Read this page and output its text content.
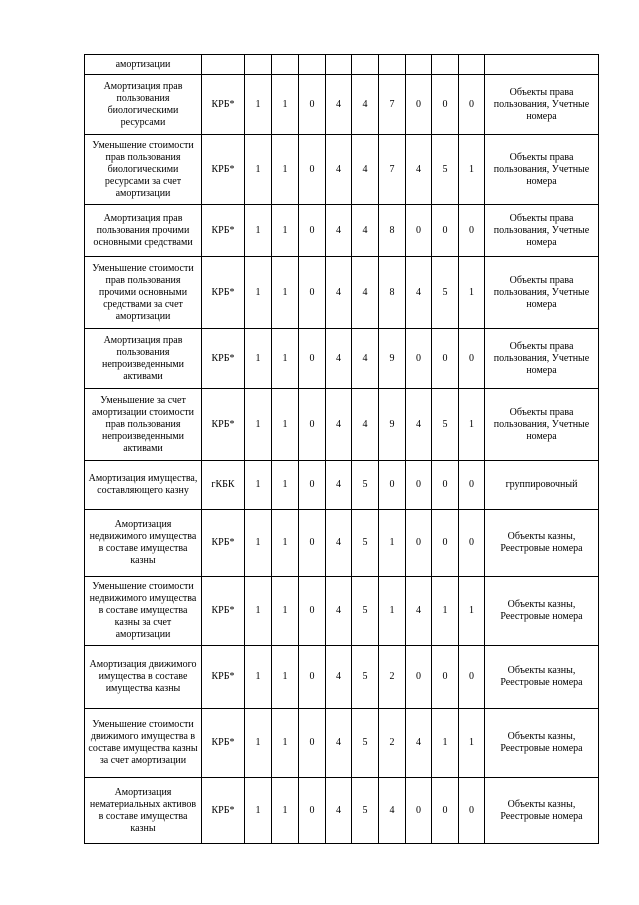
амортизации											
Амортизация прав пользования биологическими ресурсами	КРБ*	1	1	0	4	4	7	0	0	0	Объекты права пользования, Учетные номера
Уменьшение стоимости прав пользования биологическими ресурсами за счет амортизации	КРБ*	1	1	0	4	4	7	4	5	1	Объекты права пользования, Учетные номера
Амортизация прав пользования прочими основными средствами	КРБ*	1	1	0	4	4	8	0	0	0	Объекты права пользования, Учетные номера
Уменьшение стоимости прав пользования прочими основными средствами за счет амортизации	КРБ*	1	1	0	4	4	8	4	5	1	Объекты права пользования, Учетные номера
Амортизация прав пользования непроизведенными активами	КРБ*	1	1	0	4	4	9	0	0	0	Объекты права пользования, Учетные номера
Уменьшение за счет амортизации стоимости прав пользования непроизведенными активами	КРБ*	1	1	0	4	4	9	4	5	1	Объекты права пользования, Учетные номера
Амортизация имущества, составляющего казну	гКБК	1	1	0	4	5	0	0	0	0	группировочный
Амортизация недвижимого имущества в составе имущества казны	КРБ*	1	1	0	4	5	1	0	0	0	Объекты казны, Реестровые номера
Уменьшение стоимости недвижимого имущества в составе имущества казны за счет амортизации	КРБ*	1	1	0	4	5	1	4	1	1	Объекты казны, Реестровые номера
Амортизация движимого имущества в составе имущества казны	КРБ*	1	1	0	4	5	2	0	0	0	Объекты казны, Реестровые номера
Уменьшение стоимости движимого имущества в составе имущества казны за счет амортизации	КРБ*	1	1	0	4	5	2	4	1	1	Объекты казны, Реестровые номера
Амортизация нематериальных активов в составе имущества казны	КРБ*	1	1	0	4	5	4	0	0	0	Объекты казны, Реестровые номера
